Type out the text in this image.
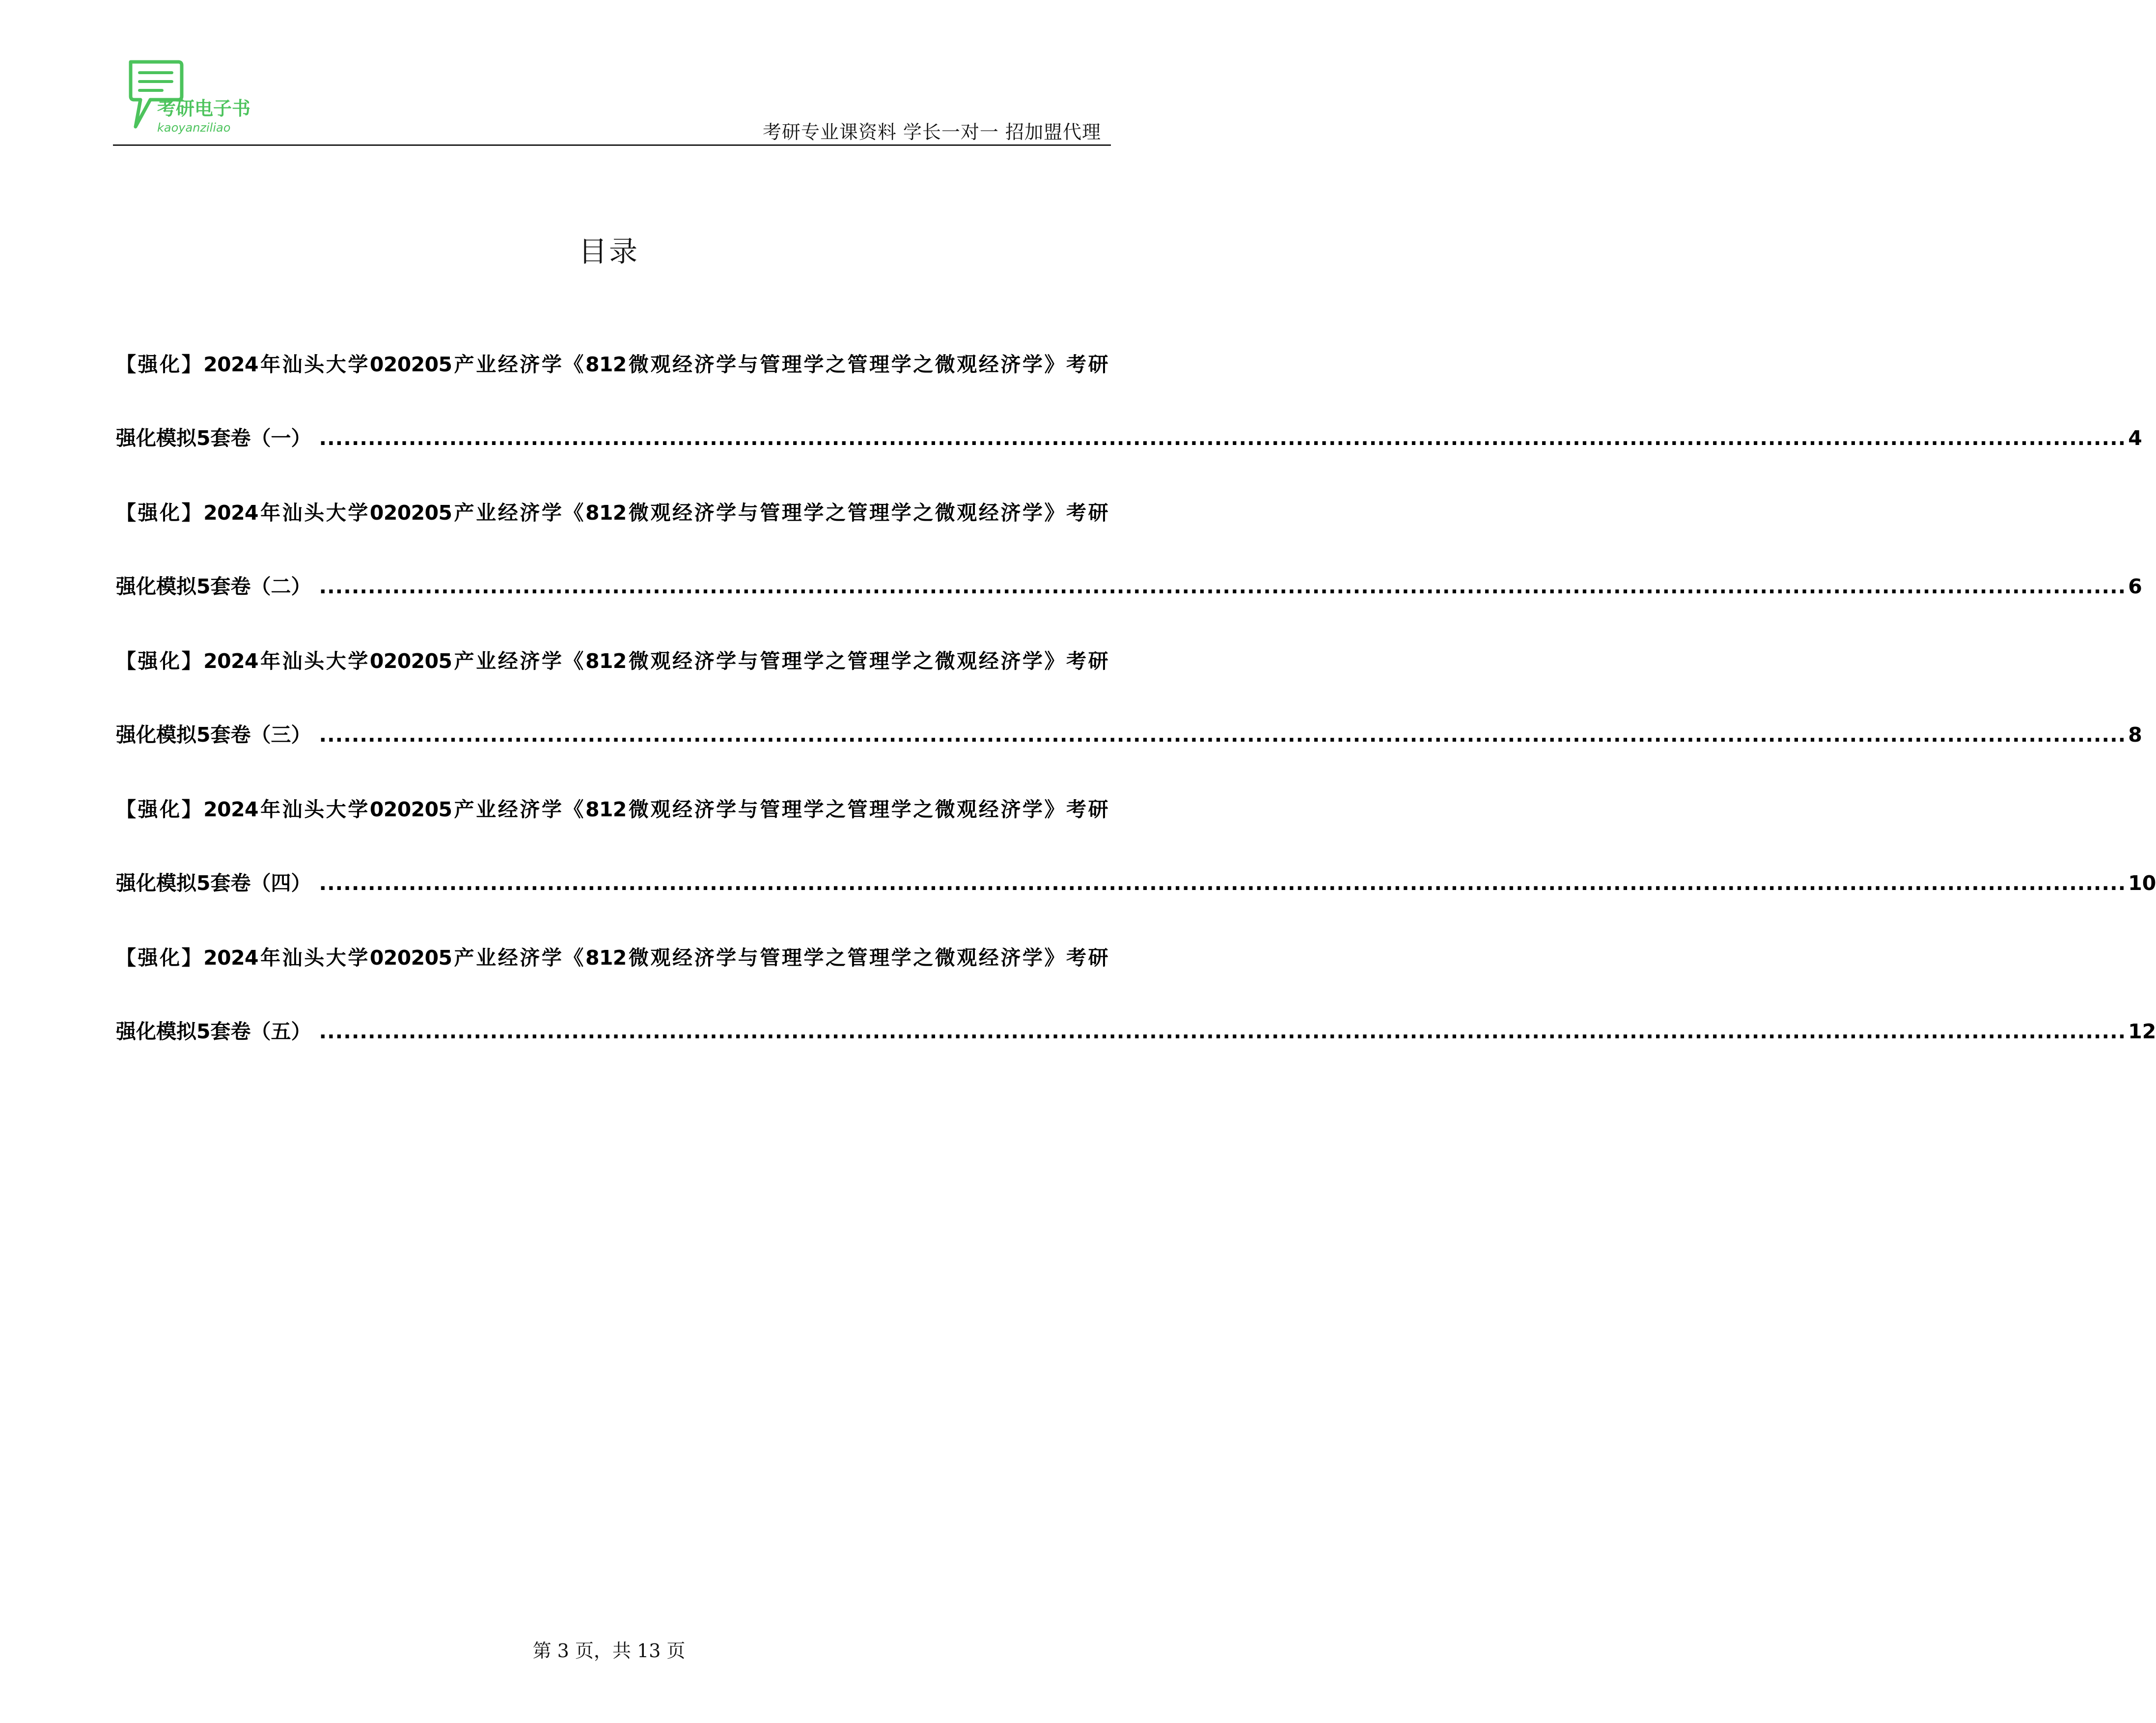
考研电子书
kaoyanziliao	考研专业课资料 学长一对一 招加盟代理
目录
【强化】2024年汕头大学020205产业经济学《812微观经济学与管理学之管理学之微观经济学》考研
强化模拟5套卷（一） .............................................................................................................................................................................................................................. 4
【强化】2024年汕头大学020205产业经济学《812微观经济学与管理学之管理学之微观经济学》考研
强化模拟5套卷（二） .............................................................................................................................................................................................................................. 6
【强化】2024年汕头大学020205产业经济学《812微观经济学与管理学之管理学之微观经济学》考研
强化模拟5套卷（三） .............................................................................................................................................................................................................................. 8
【强化】2024年汕头大学020205产业经济学《812微观经济学与管理学之管理学之微观经济学》考研
强化模拟5套卷（四） .............................................................................................................................................................................................................................. 10
【强化】2024年汕头大学020205产业经济学《812微观经济学与管理学之管理学之微观经济学》考研
强化模拟5套卷（五） .............................................................................................................................................................................................................................. 12
第 3 页，共 13 页
